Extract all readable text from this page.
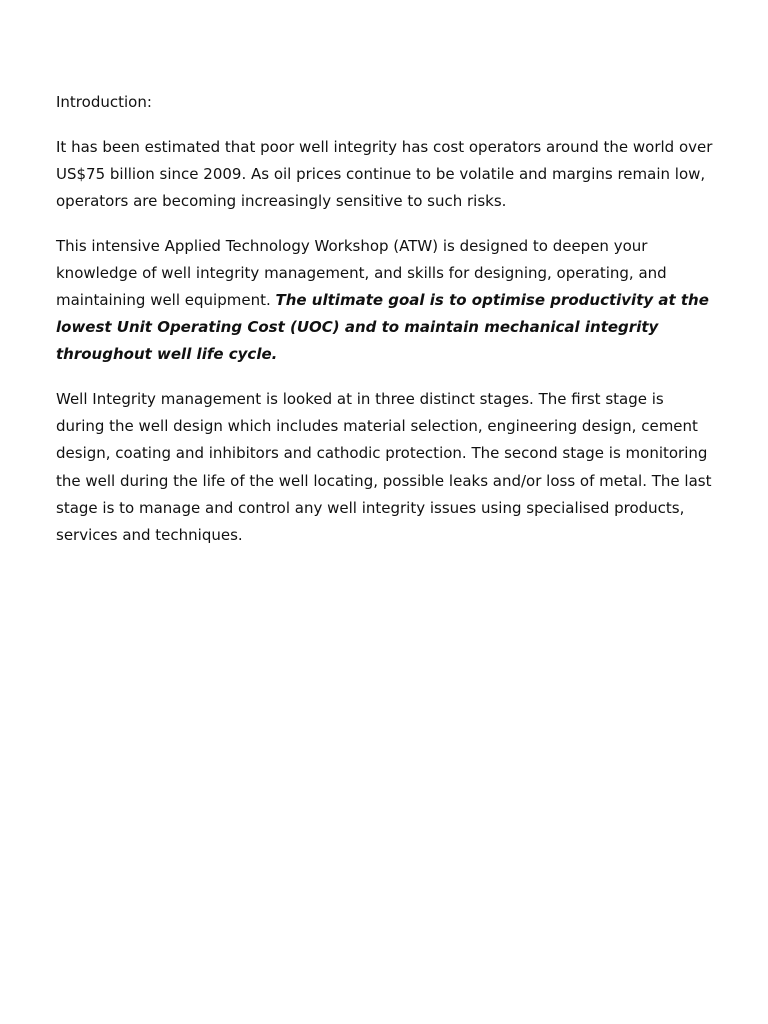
Introduction:

It has been estimated that poor well integrity has cost operators around the world over US$75 billion since 2009. As oil prices continue to be volatile and margins remain low, operators are becoming increasingly sensitive to such risks.

This intensive Applied Technology Workshop (ATW) is designed to deepen your knowledge of well integrity management, and skills for designing, operating, and maintaining well equipment. The ultimate goal is to optimise productivity at the lowest Unit Operating Cost (UOC) and to maintain mechanical integrity throughout well life cycle.

Well Integrity management is looked at in three distinct stages. The first stage is during the well design which includes material selection, engineering design, cement design, coating and inhibitors and cathodic protection. The second stage is monitoring the well during the life of the well locating, possible leaks and/or loss of metal. The last stage is to manage and control any well integrity issues using specialised products, services and techniques.
